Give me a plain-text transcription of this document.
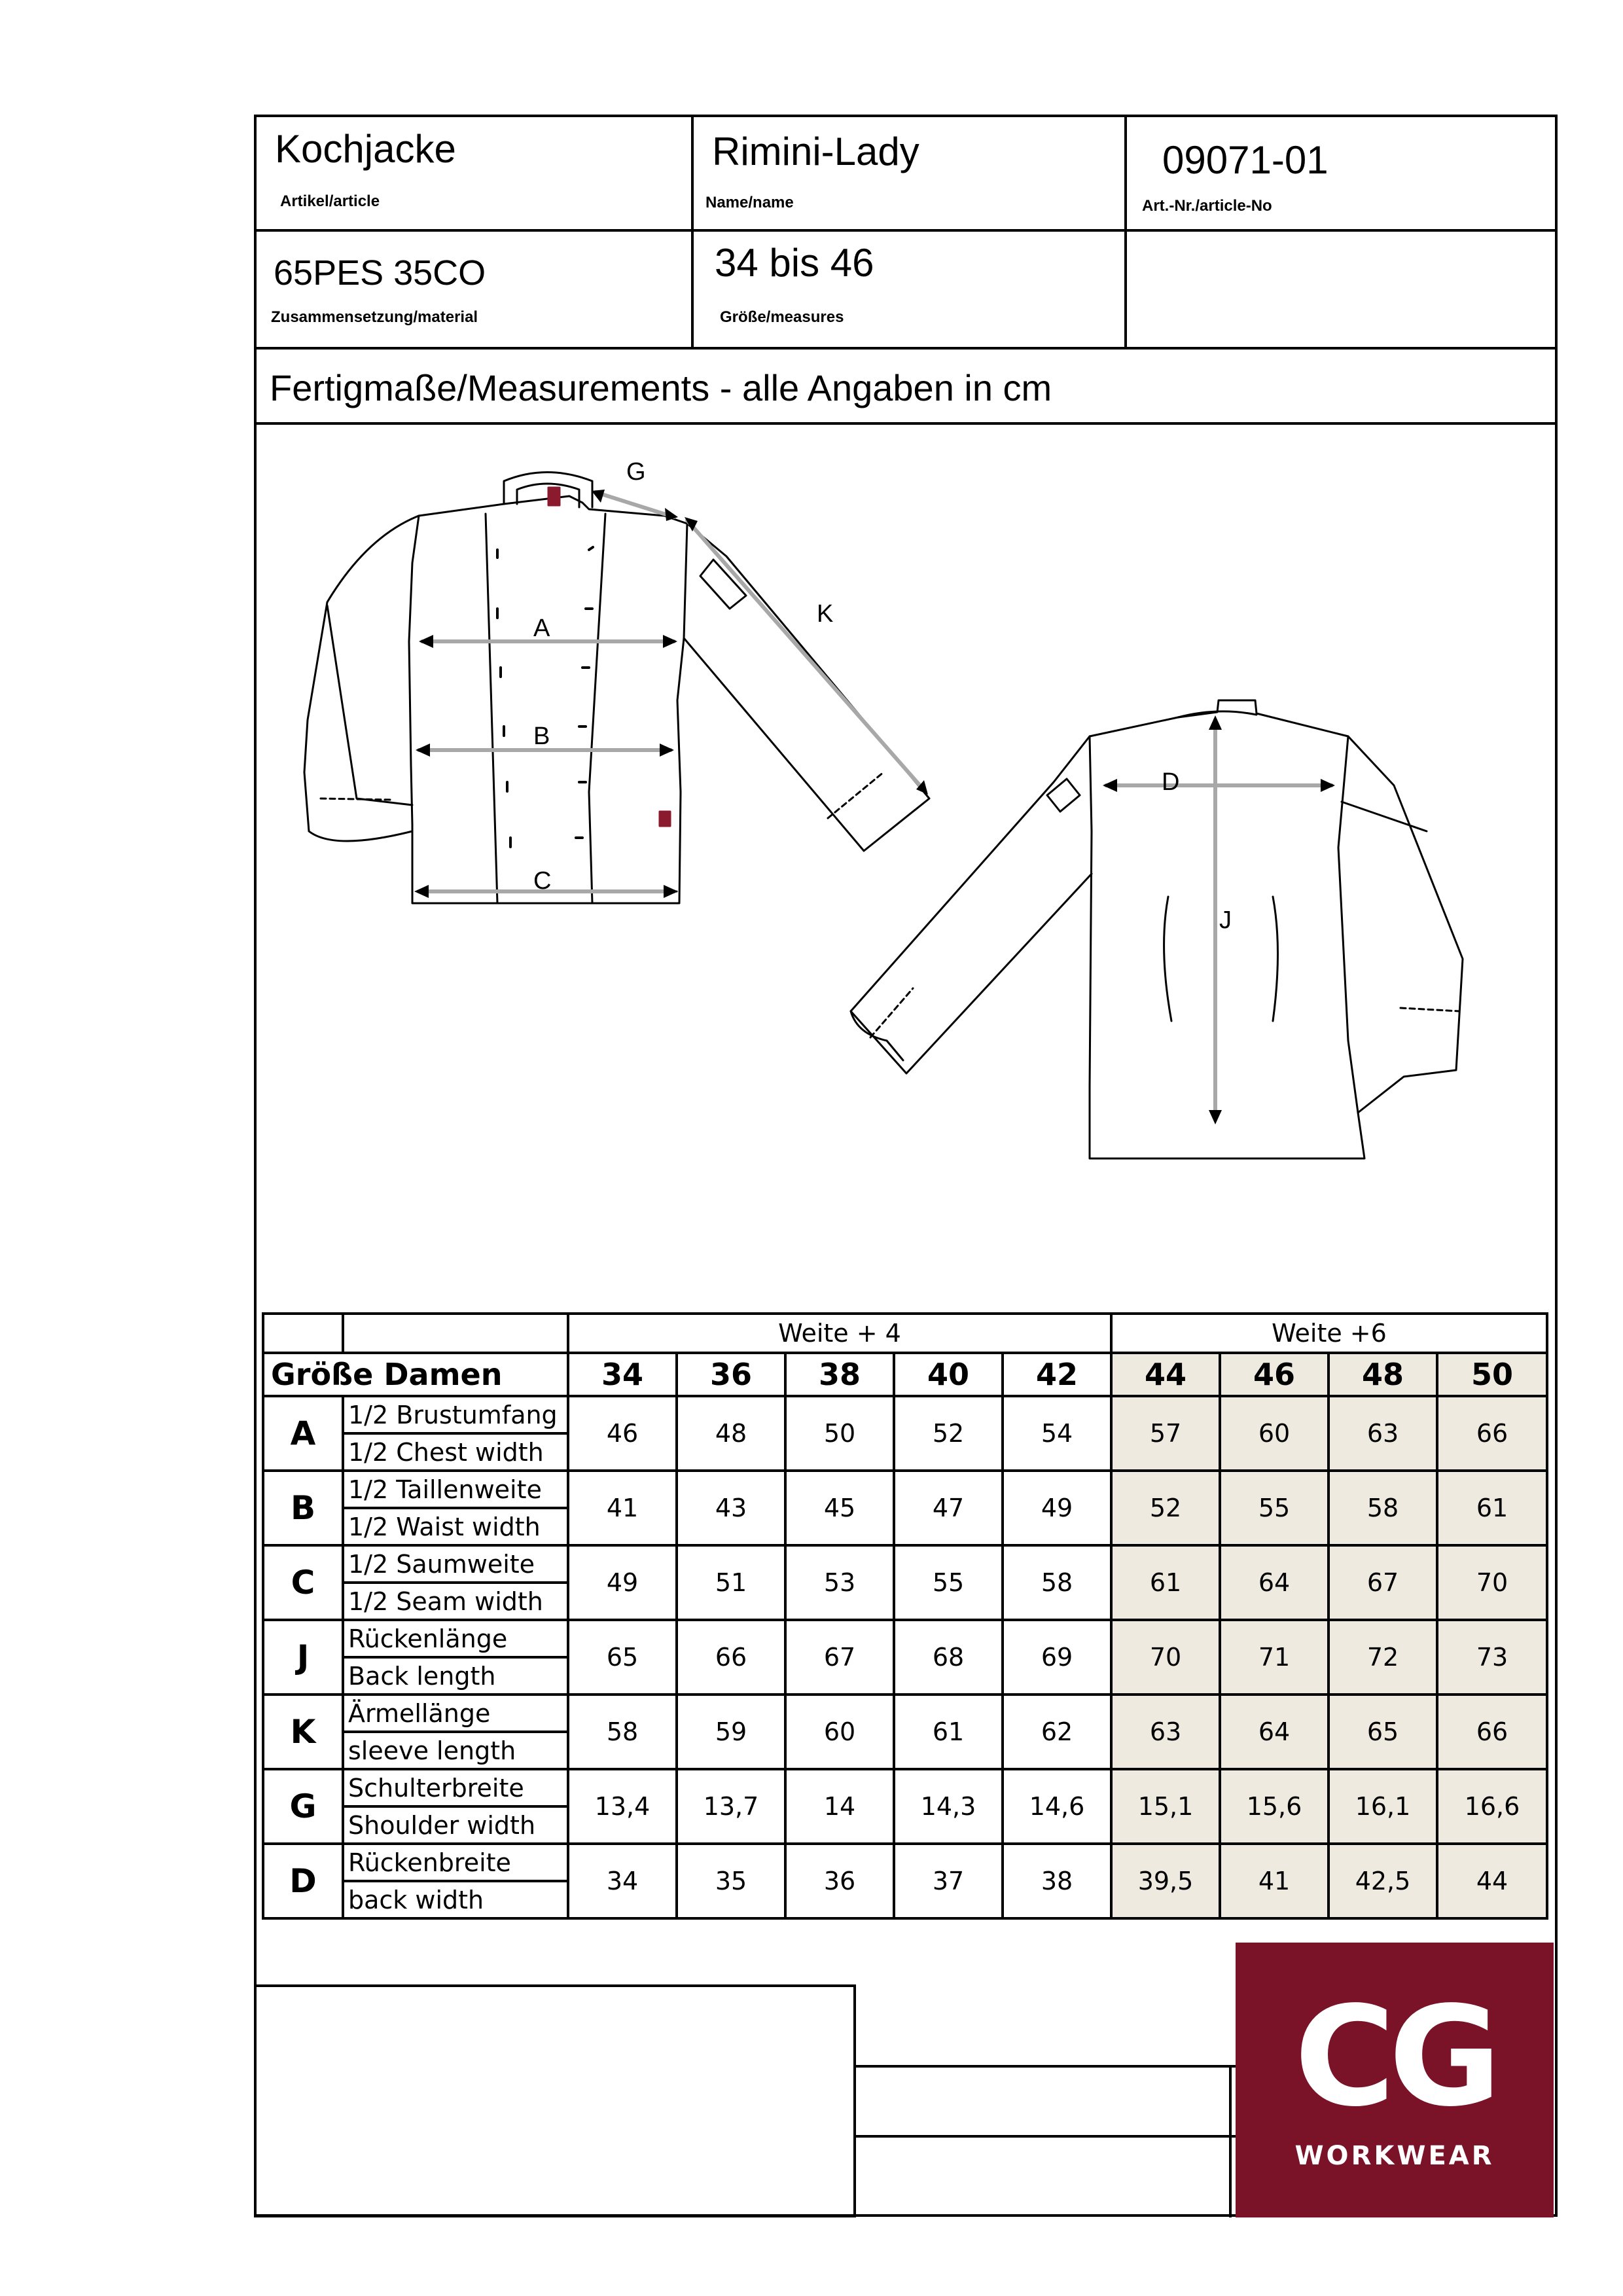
Kochjacke
Artikel/article
Rimini-Lady
Name/name
09071-01
Art.-Nr./article-No
65PES 35CO
Zusammensetzung/material
34 bis 46
Größe/measures
Fertigmaße/Measurements - alle Angaben in cm
A
B
C
G
K
D
J
		Weite + 4					Weite +6			
Größe Damen		34	36	38	40	42	44	46	48	50
A	1/2 Brustumfang	46	48	50	52	54	57	60	63	66
	1/2 Chest width									
B	1/2 Taillenweite	41	43	45	47	49	52	55	58	61
	1/2 Waist width									
C	1/2 Saumweite	49	51	53	55	58	61	64	67	70
	1/2 Seam width									
J	Rückenlänge	65	66	67	68	69	70	71	72	73
	Back length									
K	Ärmellänge	58	59	60	61	62	63	64	65	66
	sleeve length									
G	Schulterbreite	13,4	13,7	14	14,3	14,6	15,1	15,6	16,1	16,6
	Shoulder width									
D	Rückenbreite	34	35	36	37	38	39,5	41	42,5	44
	back width									
CG
WORKWEAR
